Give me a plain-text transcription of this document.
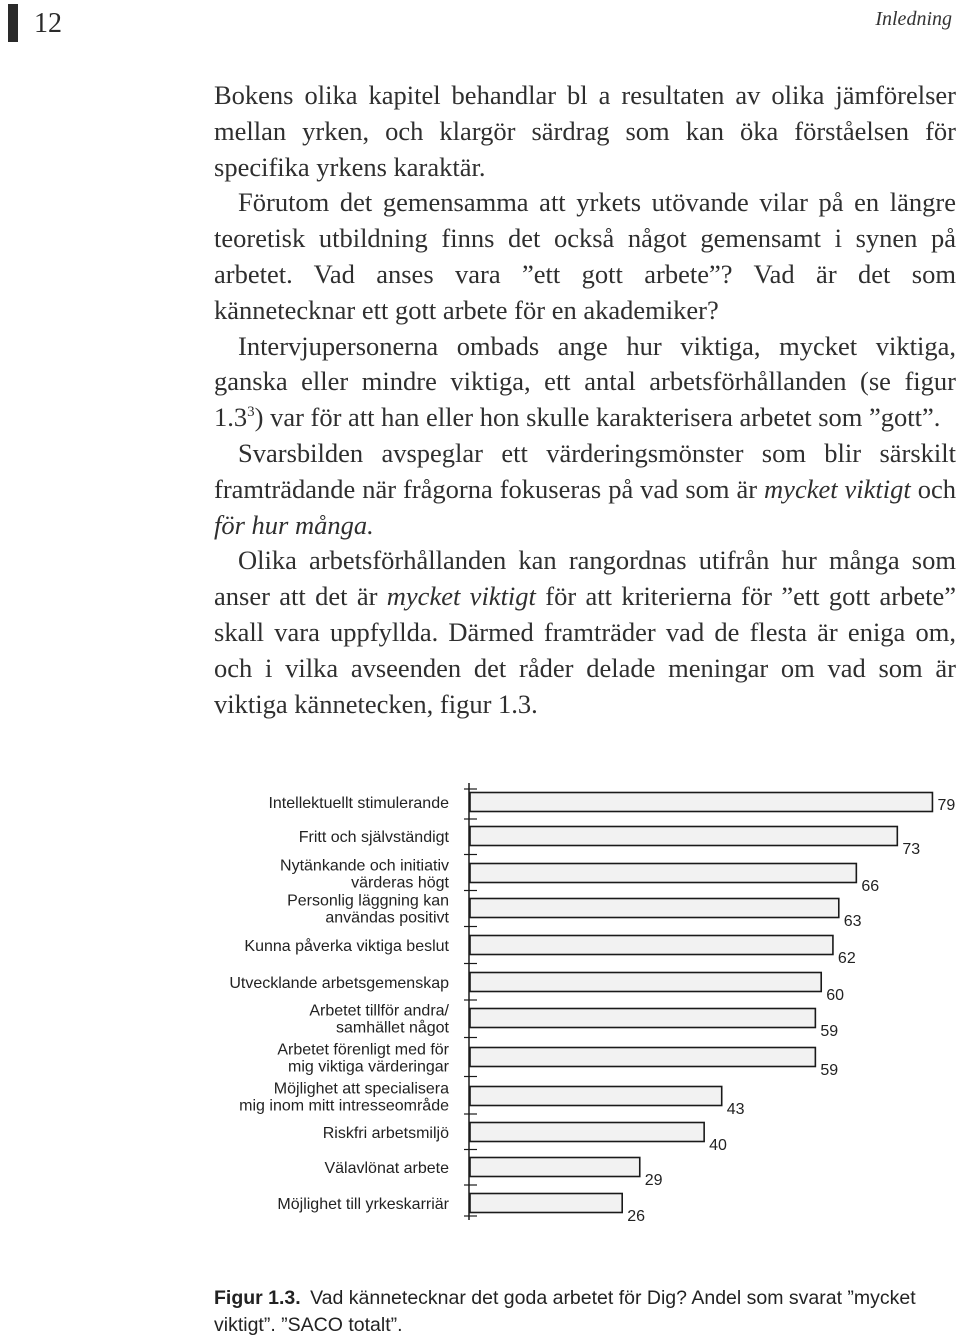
12	Inledning

Bokens olika kapitel behandlar bl a resultaten av olika jämförelser mellan yrken, och klargör särdrag som kan öka förståelsen för specifika yrkens karaktär.

Förutom det gemensamma att yrkets utövande vilar på en längre teoretisk utbildning finns det också något gemensamt i synen på arbetet. Vad anses vara ”ett gott arbete”? Vad är det som kännetecknar ett gott arbete för en akademiker?

Intervjupersonerna ombads ange hur viktiga, mycket viktiga, ganska eller mindre viktiga, ett antal arbetsförhållanden (se figur $1.3^3$) var för att han eller hon skulle karakterisera arbetet som ”gott”.

Svarsbilden avspeglar ett värderingsmönster som blir särskilt framträdande när frågorna fokuseras på vad som är mycket viktigt och för hur många.

Olika arbetsförhållanden kan rangordnas utifrån hur många som anser att det är mycket viktigt för att kriterierna för ”ett gott arbete” skall vara uppfyllda. Därmed framträder vad de flesta är eniga om, och i vilka avseenden det råder delade meningar om vad som är viktiga kännetecken, figur 1.3.

79
Intellektuellt stimulerande
73
Fritt och självständigt
66
Nytänkande och initiativ
värderas högt
63
Personlig läggning kan
användas positivt
62
Kunna påverka viktiga beslut
60
Utvecklande arbetsgemenskap
59
Arbetet tillför andra/
samhället något
59
Arbetet förenligt med för
mig viktiga värderingar
43
Möjlighet att specialisera
mig inom mitt intresseområde
40
Riskfri arbetsmiljö
29
Välavlönat arbete
26
Möjlighet till yrkeskarriär
Figur 1.3. Vad kännetecknar det goda arbetet för Dig? Andel som svarat ”mycket viktigt”. ”SACO totalt”.
